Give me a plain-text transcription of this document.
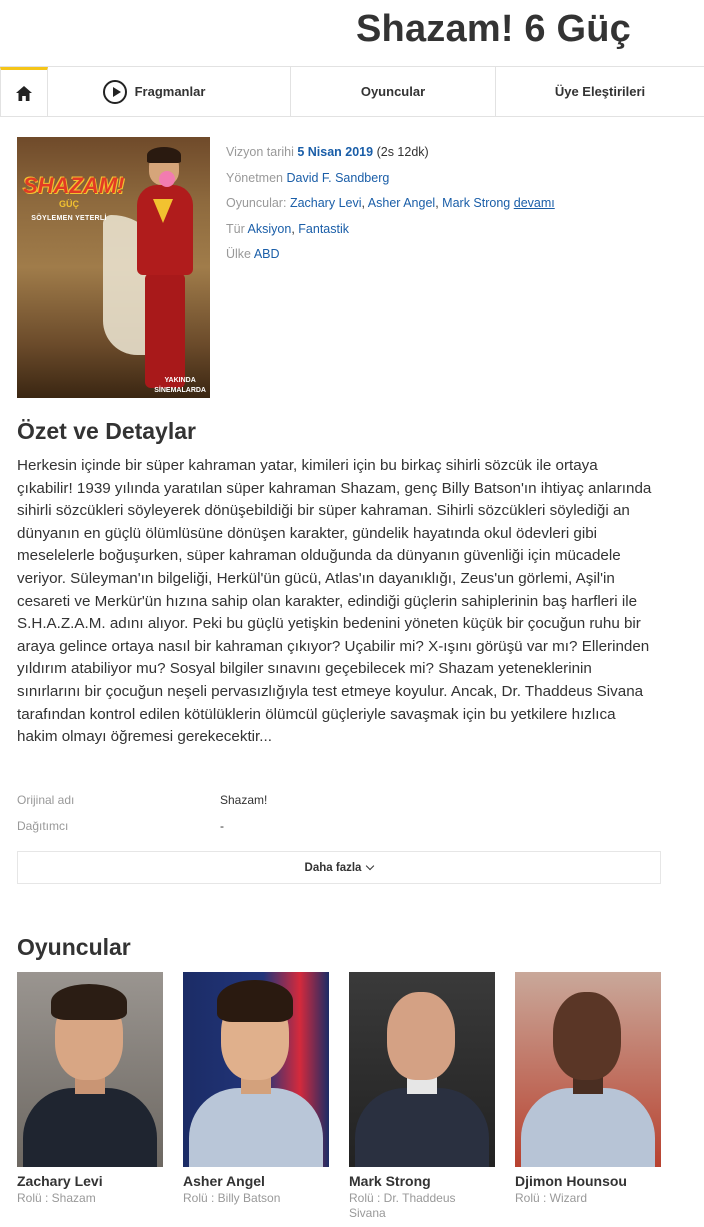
Shazam! 6 Güç
Fragmanlar	Oyuncular	Üye Eleştirileri
SHAZAM!
GÜÇ
SÖYLEMEN YETERLİ
YAKINDA
SİNEMALARDA
Vizyon tarihi 5 Nisan 2019 (2s 12dk)
Yönetmen David F. Sandberg
Oyuncular: Zachary Levi, Asher Angel, Mark Strong devamı
Tür Aksiyon, Fantastik
Ülke ABD
Özet ve Detaylar

Herkesin içinde bir süper kahraman yatar, kimileri için bu birkaç sihirli sözcük ile ortaya çıkabilir! 1939 yılında yaratılan süper kahraman Shazam, genç Billy Batson'ın ihtiyaç anlarında sihirli sözcükleri söyleyerek dönüşebildiği bir süper kahraman. Sihirli sözcükleri söylediği an dünyanın en güçlü ölümlüsüne dönüşen karakter, gündelik hayatında okul ödevleri gibi meselelerle boğuşurken, süper kahraman olduğunda da dünyanın güvenliği için mücadele veriyor. Süleyman'ın bilgeliği, Herkül'ün gücü, Atlas'ın dayanıklığı, Zeus'un görlemi, Aşil'in cesareti ve Merkür'ün hızına sahip olan karakter, edindiği güçlerin sahiplerinin baş harfleri ile S.H.A.Z.A.M. adını alıyor. Peki bu güçlü yetişkin bedenini yöneten küçük bir çocuğun ruhu bir araya gelince ortaya nasıl bir kahraman çıkıyor? Uçabilir mi? X-ışını görüşü var mı? Ellerinden yıldırım atabiliyor mu? Sosyal bilgiler sınavını geçebilecek mi? Shazam yeteneklerinin sınırlarını bir çocuğun neşeli pervasızlığıyla test etmeye koyulur. Ancak, Dr. Thaddeus Sivana tarafından kontrol edilen kötülüklerin ölümcül güçleriyle savaşmak için bu yetkilere hızlıca hakim olmayı öğremesi gerekecektir...

Orijinal adı	Shazam!
Dağıtımcı	-
Daha fazla
Oyuncular
Zachary Levi
Rolü : Shazam
Asher Angel
Rolü : Billy Batson
Mark Strong
Rolü : Dr. Thaddeus Sivana
Djimon Hounsou
Rolü : Wizard
